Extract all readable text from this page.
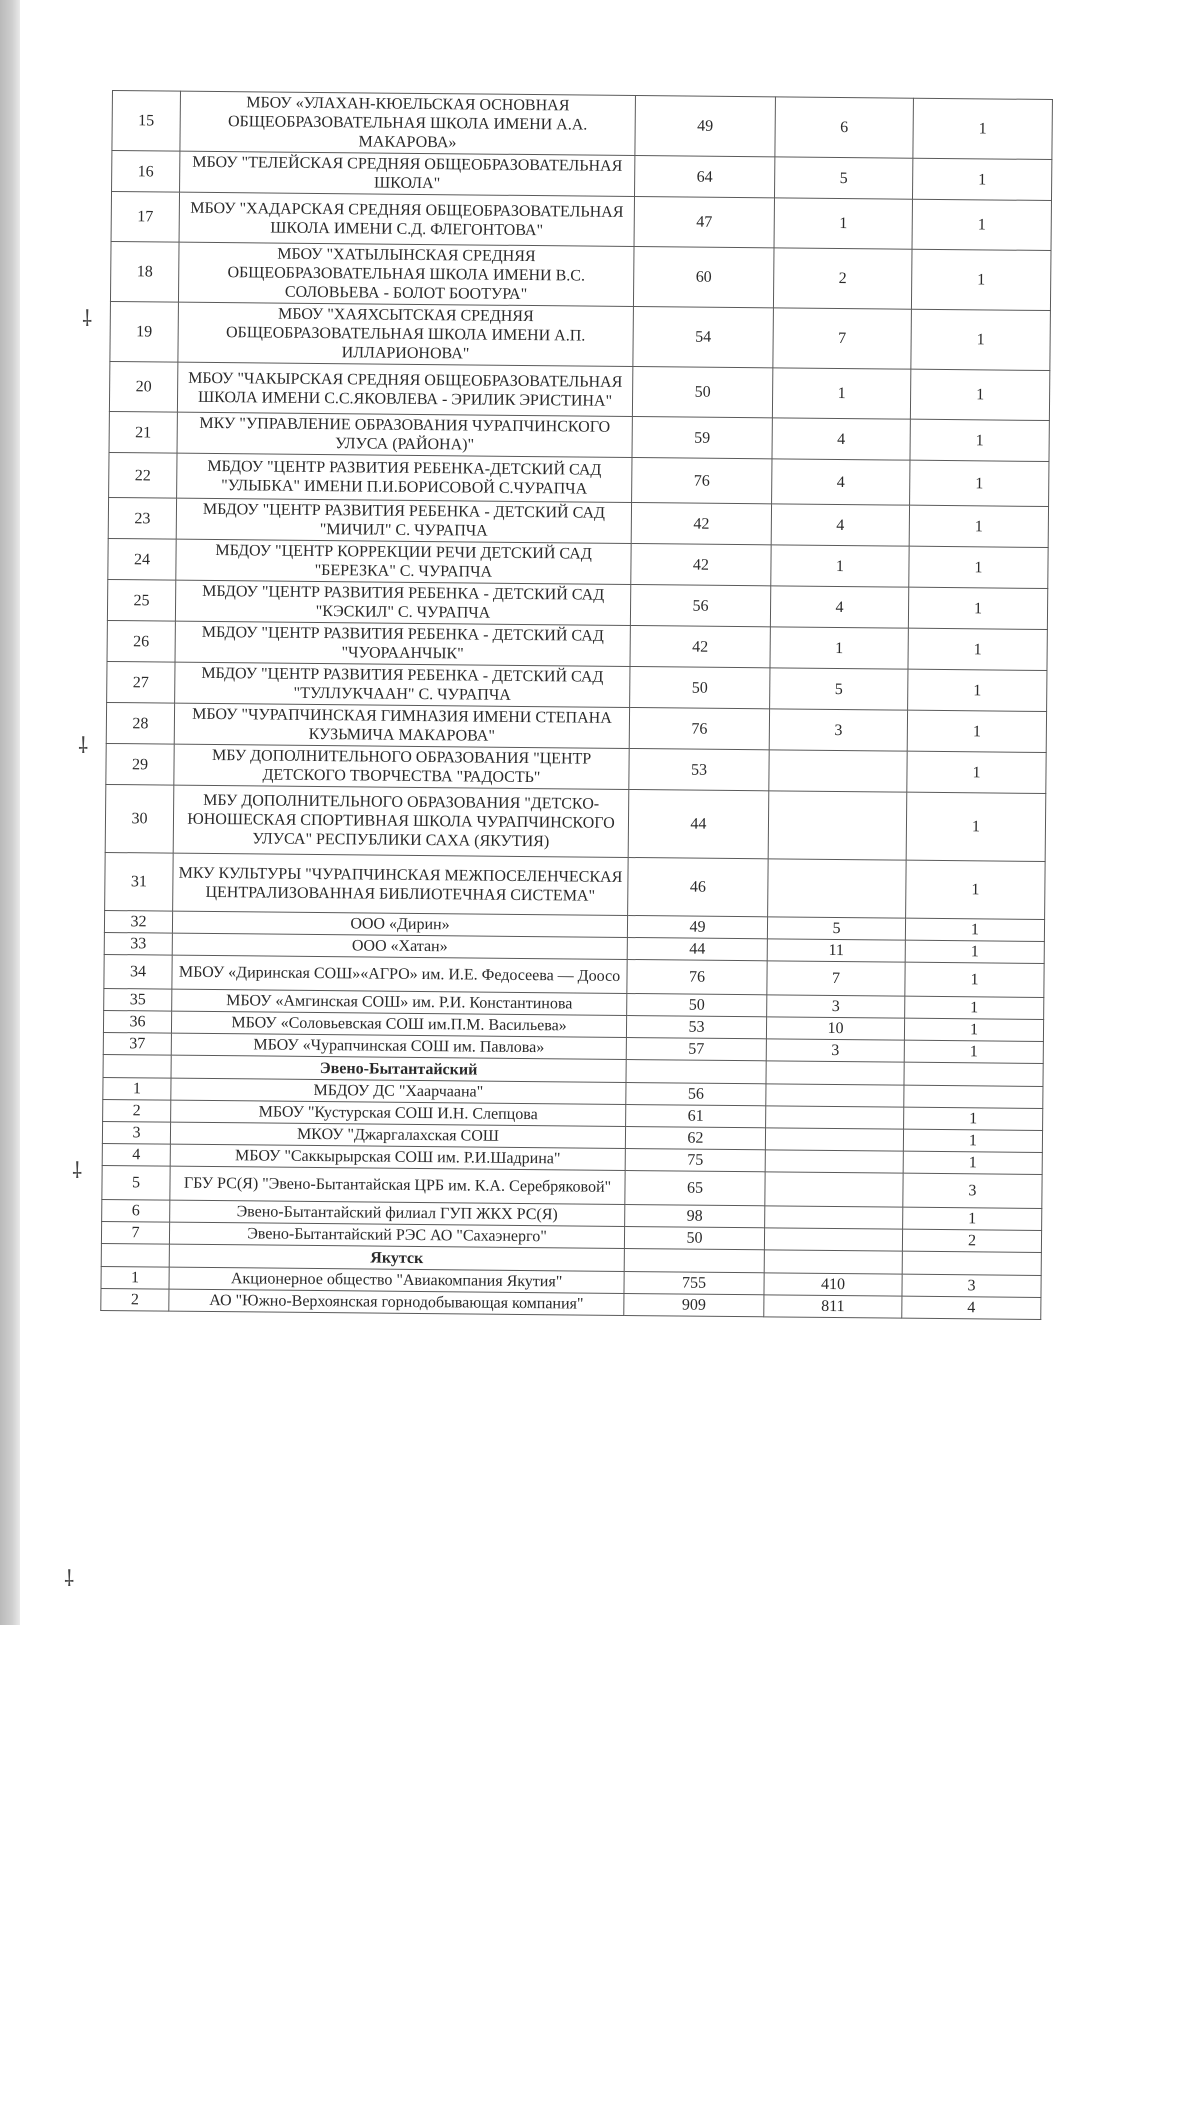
⸸
⸸
⸸
⸸
15	МБОУ «УЛАХАН-КЮЕЛЬСКАЯ ОСНОВНАЯ ОБЩЕОБРАЗОВАТЕЛЬНАЯ ШКОЛА ИМЕНИ А.А. МАКАРОВА»	49	6	1
16	МБОУ "ТЕЛЕЙСКАЯ СРЕДНЯЯ ОБЩЕОБРАЗОВАТЕЛЬНАЯ ШКОЛА"	64	5	1
17	МБОУ "ХАДАРСКАЯ СРЕДНЯЯ ОБЩЕОБРАЗОВАТЕЛЬНАЯ ШКОЛА ИМЕНИ С.Д. ФЛЕГОНТОВА"	47	1	1
18	МБОУ "ХАТЫЛЫНСКАЯ СРЕДНЯЯ ОБЩЕОБРАЗОВАТЕЛЬНАЯ ШКОЛА ИМЕНИ В.С. СОЛОВЬЕВА - БОЛОТ БООТУРА"	60	2	1
19	МБОУ "ХАЯХСЫТСКАЯ СРЕДНЯЯ ОБЩЕОБРАЗОВАТЕЛЬНАЯ ШКОЛА ИМЕНИ А.П. ИЛЛАРИОНОВА"	54	7	1
20	МБОУ "ЧАКЫРСКАЯ СРЕДНЯЯ ОБЩЕОБРАЗОВАТЕЛЬНАЯ ШКОЛА ИМЕНИ С.С.ЯКОВЛЕВА - ЭРИЛИК ЭРИСТИНА"	50	1	1
21	МКУ "УПРАВЛЕНИЕ ОБРАЗОВАНИЯ ЧУРАПЧИНСКОГО УЛУСА (РАЙОНА)"	59	4	1
22	МБДОУ "ЦЕНТР РАЗВИТИЯ РЕБЕНКА-ДЕТСКИЙ САД "УЛЫБКА" ИМЕНИ П.И.БОРИСОВОЙ С.ЧУРАПЧА	76	4	1
23	МБДОУ "ЦЕНТР РАЗВИТИЯ РЕБЕНКА - ДЕТСКИЙ САД "МИЧИЛ" С. ЧУРАПЧА	42	4	1
24	МБДОУ "ЦЕНТР КОРРЕКЦИИ РЕЧИ ДЕТСКИЙ САД "БЕРЕЗКА" С. ЧУРАПЧА	42	1	1
25	МБДОУ "ЦЕНТР РАЗВИТИЯ РЕБЕНКА - ДЕТСКИЙ САД "КЭСКИЛ" С. ЧУРАПЧА	56	4	1
26	МБДОУ "ЦЕНТР РАЗВИТИЯ РЕБЕНКА - ДЕТСКИЙ САД "ЧУОРААНЧЫК"	42	1	1
27	МБДОУ "ЦЕНТР РАЗВИТИЯ РЕБЕНКА - ДЕТСКИЙ САД "ТУЛЛУКЧААН" С. ЧУРАПЧА	50	5	1
28	МБОУ "ЧУРАПЧИНСКАЯ ГИМНАЗИЯ ИМЕНИ СТЕПАНА КУЗЬМИЧА МАКАРОВА"	76	3	1
29	МБУ ДОПОЛНИТЕЛЬНОГО ОБРАЗОВАНИЯ "ЦЕНТР ДЕТСКОГО ТВОРЧЕСТВА "РАДОСТЬ"	53		1
30	МБУ ДОПОЛНИТЕЛЬНОГО ОБРАЗОВАНИЯ "ДЕТСКО-ЮНОШЕСКАЯ СПОРТИВНАЯ ШКОЛА ЧУРАПЧИНСКОГО УЛУСА" РЕСПУБЛИКИ САХА (ЯКУТИЯ)	44		1
31	МКУ КУЛЬТУРЫ "ЧУРАПЧИНСКАЯ МЕЖПОСЕЛЕНЧЕСКАЯ ЦЕНТРАЛИЗОВАННАЯ БИБЛИОТЕЧНАЯ СИСТЕМА"	46		1
32	ООО «Дирин»	49	5	1
33	ООО «Хатан»	44	11	1
34	МБОУ «Диринская СОШ»«АГРО» им. И.Е. Федосеева — Доосо	76	7	1
35	МБОУ «Амгинская СОШ» им. Р.И. Константинова	50	3	1
36	МБОУ «Соловьевская СОШ им.П.М. Васильева»	53	10	1
37	МБОУ «Чурапчинская СОШ им. Павлова»	57	3	1
	Эвено-Бытантайский			
1	МБДОУ ДС "Хаарчаана"	56		
2	МБОУ "Кустурская СОШ И.Н. Слепцова	61		1
3	МКОУ "Джаргалахская СОШ	62		1
4	МБОУ "Саккырырская СОШ им. Р.И.Шадрина"	75		1
5	ГБУ РС(Я) "Эвено-Бытантайская ЦРБ им. К.А. Серебряковой"	65		3
6	Эвено-Бытантайский филиал ГУП ЖКХ РС(Я)	98		1
7	Эвено-Бытантайский РЭС АО "Сахаэнерго"	50		2
	Якутск			
1	Акционерное общество "Авиакомпания Якутия"	755	410	3
2	АО "Южно-Верхоянская горнодобывающая компания"	909	811	4
